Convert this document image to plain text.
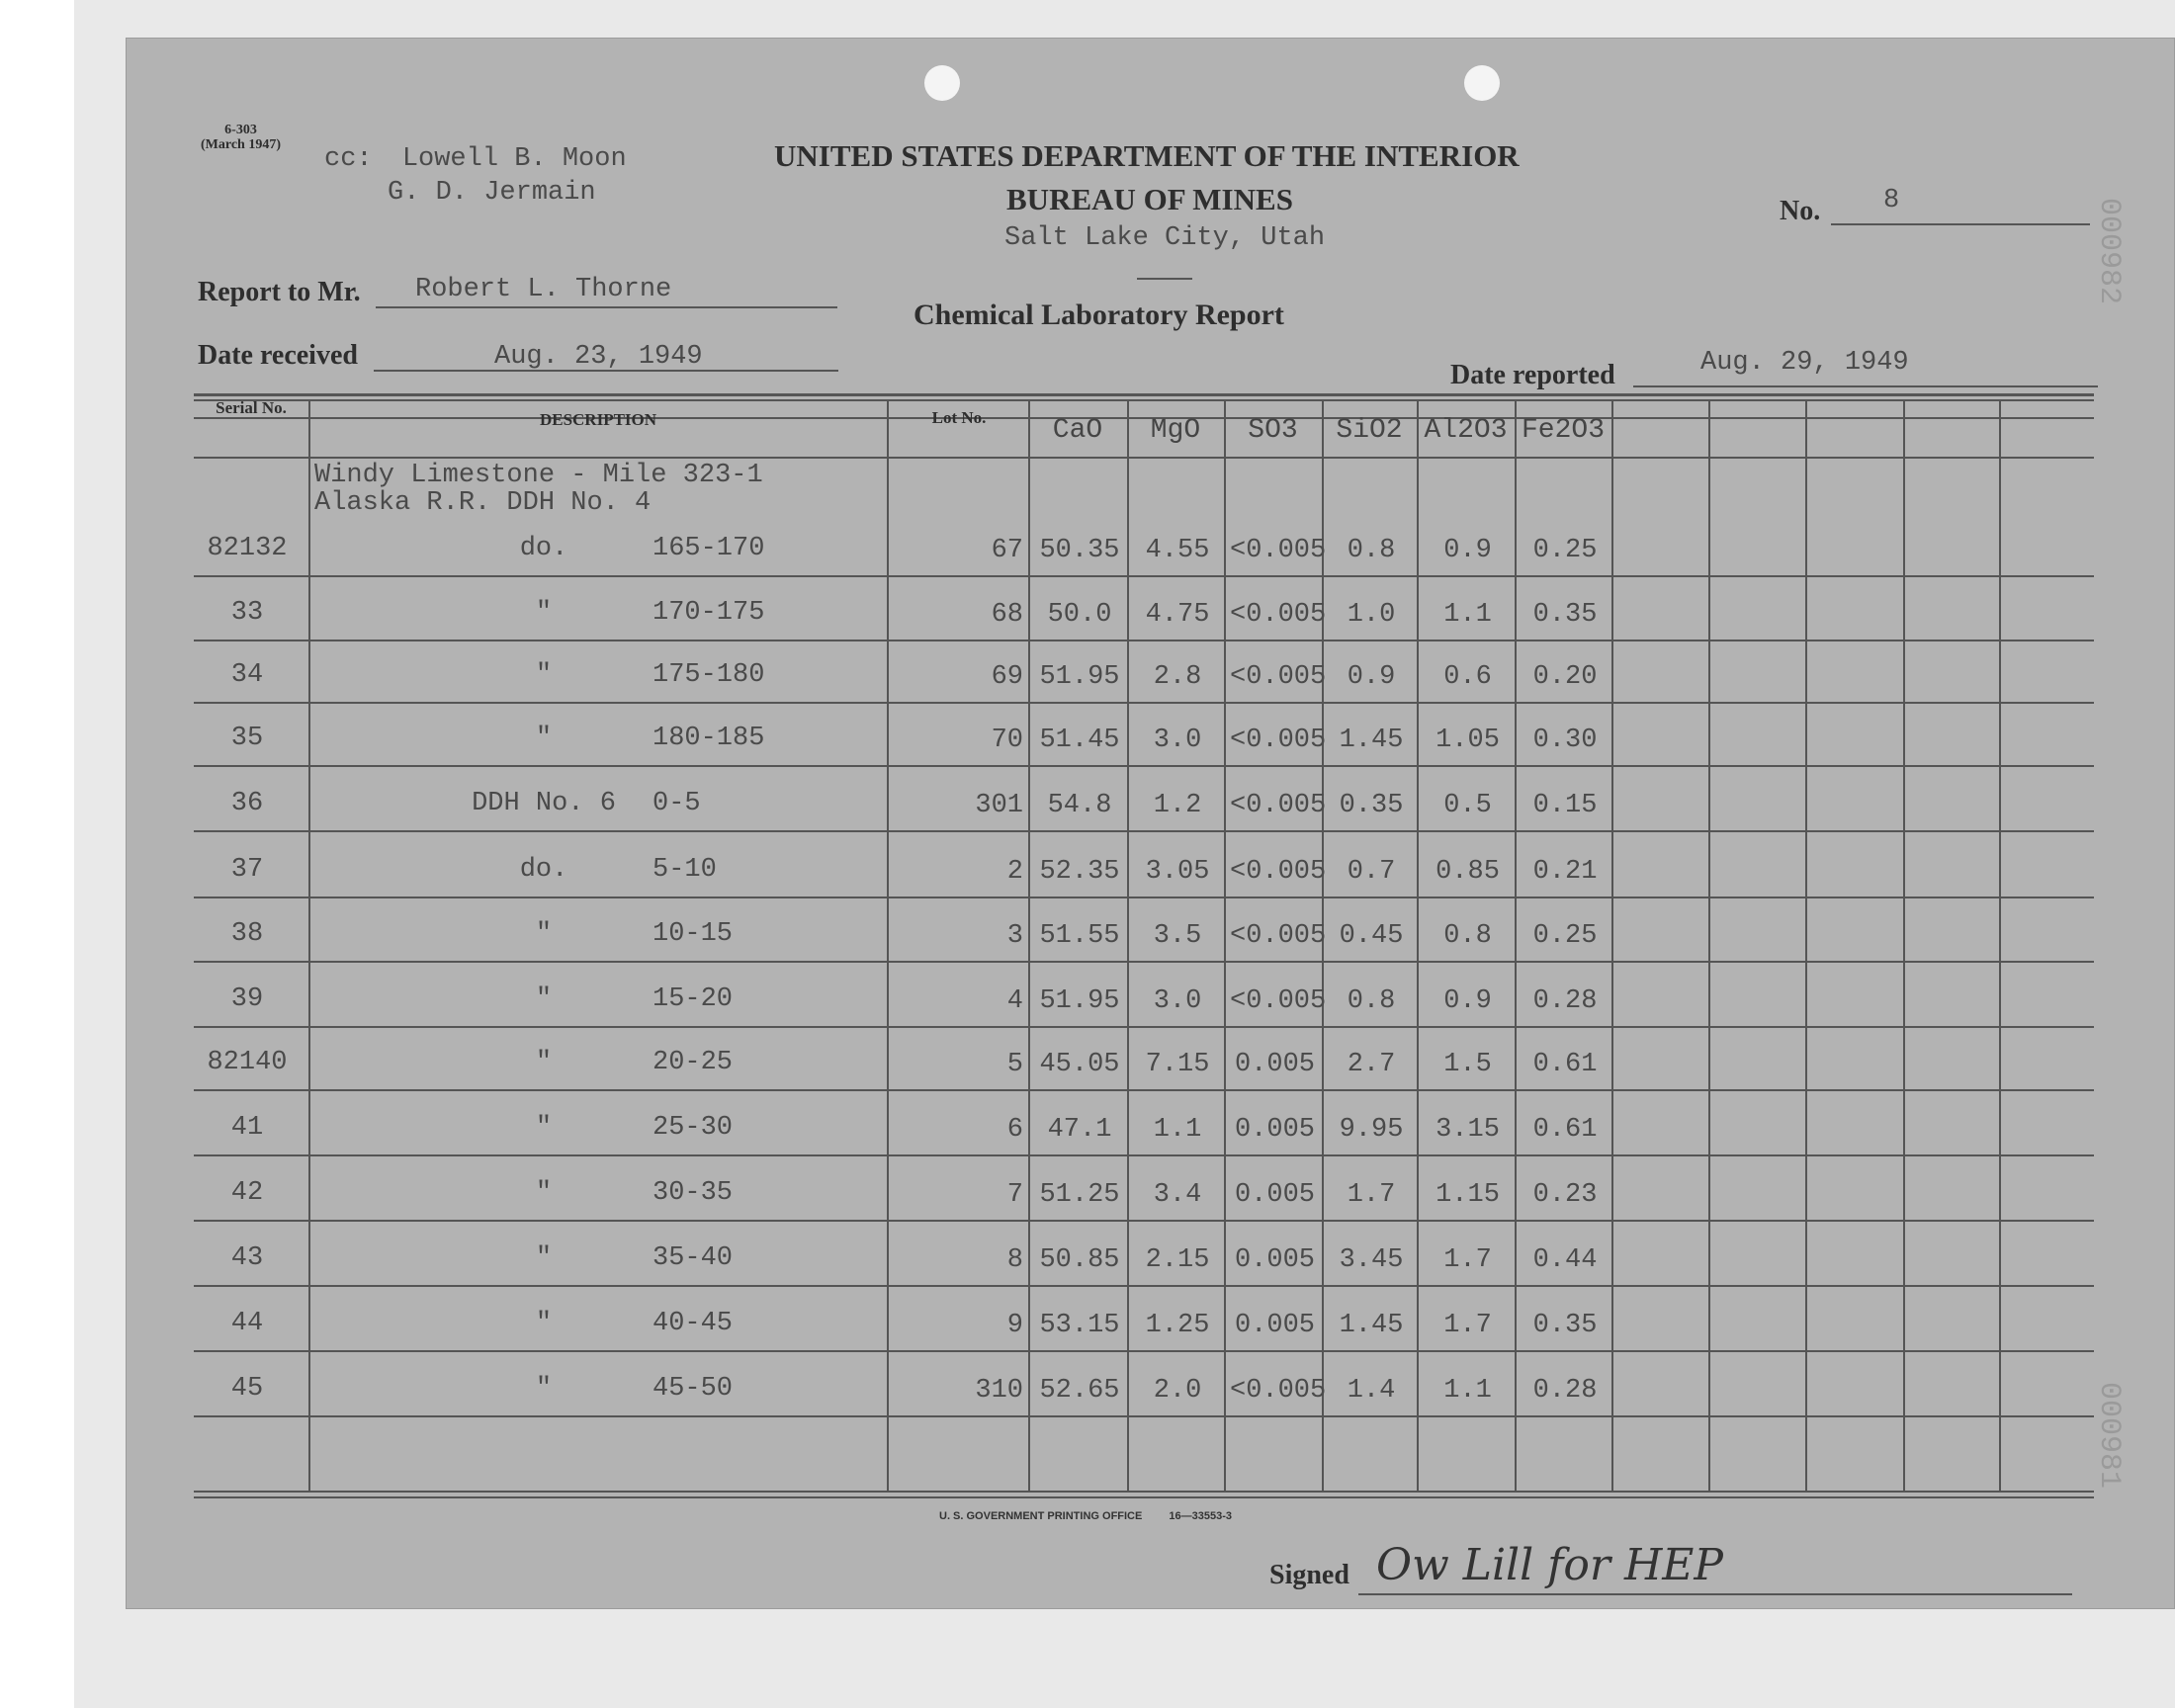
6-303
(March 1947) cc: Lowell B. Moon
G. D. Jermain
UNITED STATES DEPARTMENT OF THE INTERIOR
BUREAU OF MINES
Salt Lake City, Utah
Chemical Laboratory Report
No. 8
Report to Mr. Robert L. Thorne
Date received	Aug. 23, 1949
Date reported	Aug. 29, 1949
Serial No.
DESCRIPTION	Lot No.	CaO	MgO	SO3	SiO2 Al2O3 Fe2O3
Windy Limestone - Mile 323-1
Alaska R.R. DDH No. 4
82132	do.	165-170	67 50.35 4.55 <0.005 0.8	0.9	0.25
33	"	170-175	68 50.0	4.75 <0.005 1.0	1.1	0.35
34	"	175-180	69 51.95	2.8	<0.005 0.9	0.6	0.20
35	"	180-185	70 51.45	3.0	<0.005 1.45	1.05	0.30
36	DDH No. 6	0-5	301 54.8	1.2	<0.005 0.35	0.5	0.15
37	do.	5-10	2 52.35 3.05 <0.005 0.7	0.85	0.21
38	"	10-15	3 51.55	3.5	<0.005 0.45	0.8	0.25
39	"	15-20	4 51.95	3.0	<0.005 0.8	0.9	0.28
82140	"	20-25	5 45.05 7.15 0.005	2.7	1.5	0.61
41	"	25-30	6 47.1	1.1	0.005 9.95	3.15	0.61
42	"	30-35	7 51.25	3.4	0.005	1.7	1.15	0.23
43	"	35-40	8 50.85 2.15 0.005 3.45	1.7	0.44
44	"	40-45	9 53.15 1.25 0.005 1.45	1.7	0.35
45	"	45-50	310 52.65	2.0	<0.005 1.4	1.1	0.28
U. S. GOVERNMENT PRINTING OFFICE 16—33553-3
Signed Ow Lill for HEP
000982
000981
